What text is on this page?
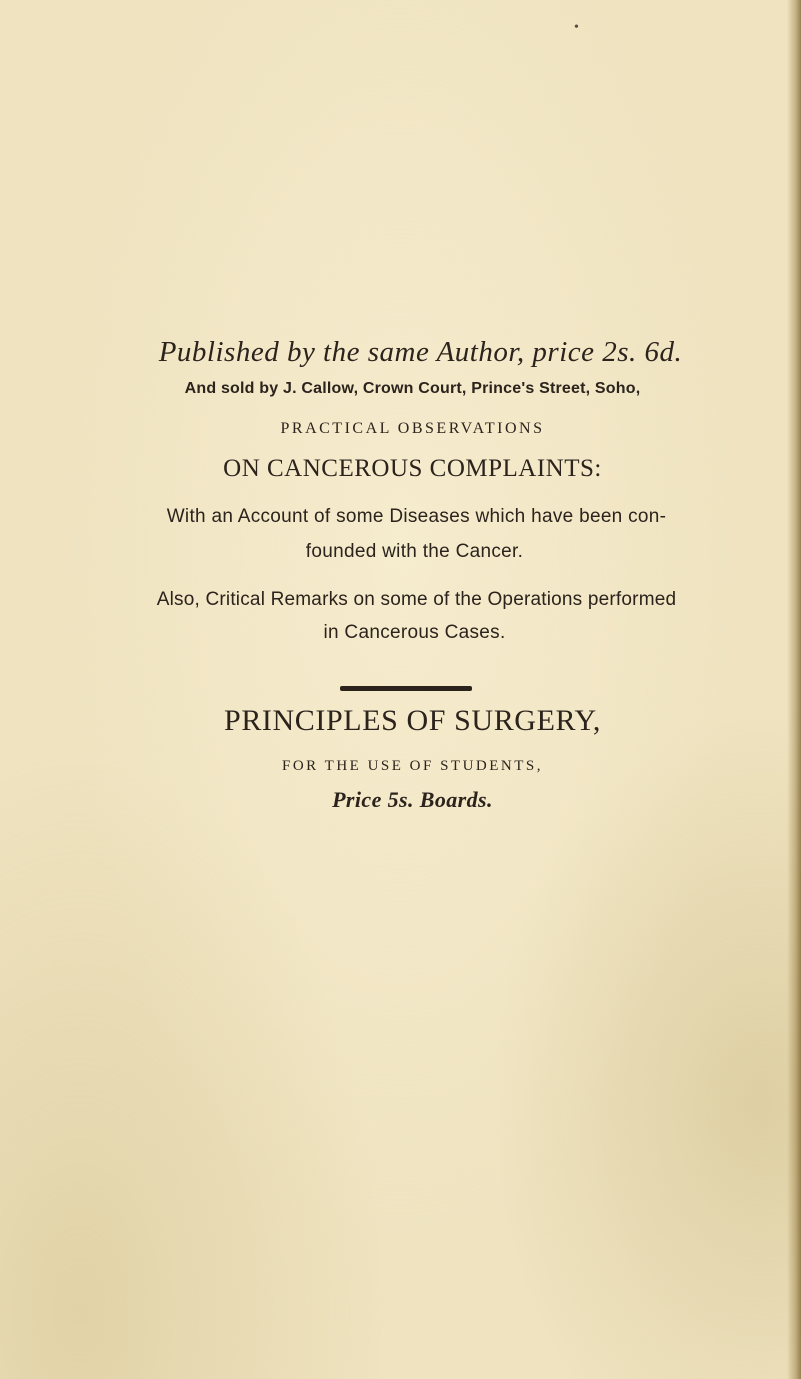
•
Published by the same Author, price 2s. 6d.
And sold by J. Callow, Crown Court, Prince's Street, Soho,
PRACTICAL OBSERVATIONS
ON CANCEROUS COMPLAINTS:
With an Account of some Diseases which have been con-
founded with the Cancer.
Also, Critical Remarks on some of the Operations performed
in Cancerous Cases.
PRINCIPLES OF SURGERY,
FOR THE USE OF STUDENTS,
Price 5s. Boards.
